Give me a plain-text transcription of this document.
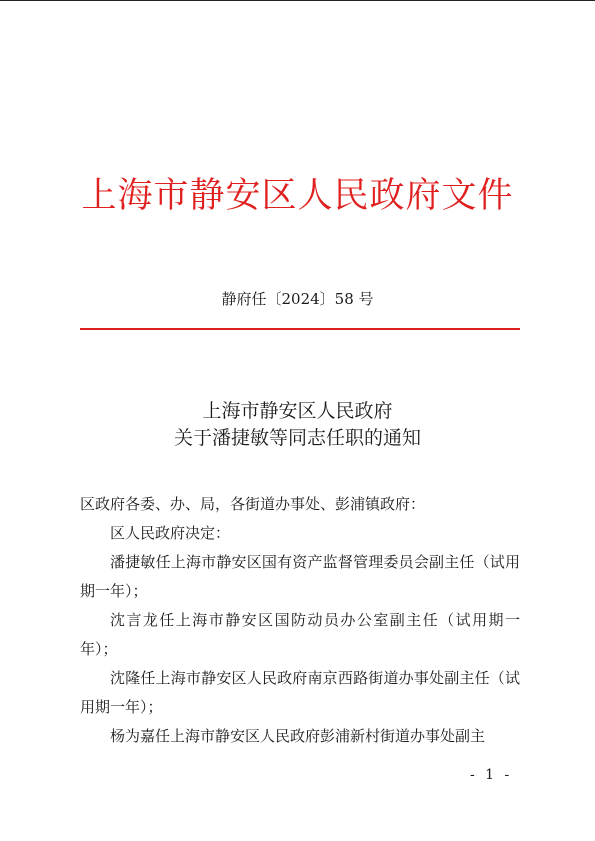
上海市静安区人民政府文件
静府任〔2024〕58 号
上海市静安区人民政府
关于潘捷敏等同志任职的通知

区政府各委、办、局，各街道办事处、彭浦镇政府：

区人民政府决定：

潘捷敏任上海市静安区国有资产监督管理委员会副主任（试用期一年）；

沈言龙任上海市静安区国防动员办公室副主任（试用期一年）；

沈隆任上海市静安区人民政府南京西路街道办事处副主任（试用期一年）；

杨为嘉任上海市静安区人民政府彭浦新村街道办事处副主

- 1 -
